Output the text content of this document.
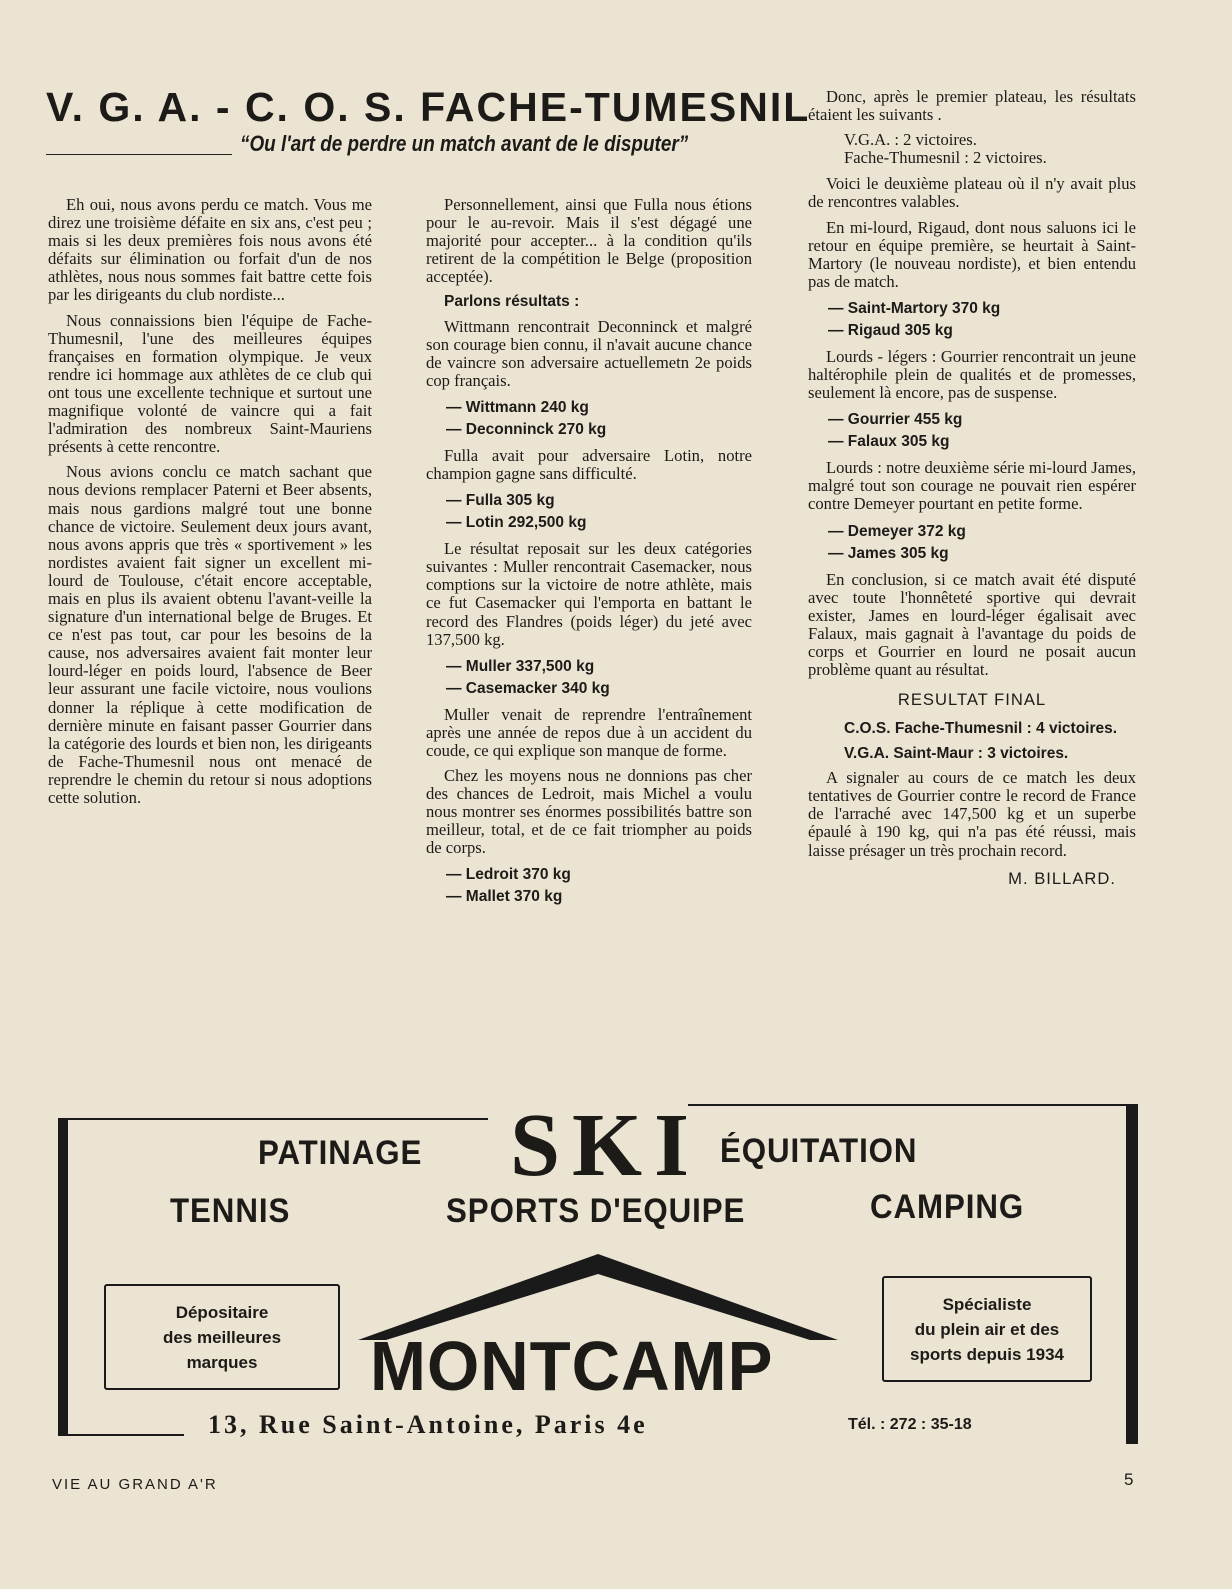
V. G. A. - C. O. S. FACHE-TUMESNIL
“Ou l'art de perdre un match avant de le disputer”

Eh oui, nous avons perdu ce match. Vous me direz une troisième défaite en six ans, c'est peu ; mais si les deux premières fois nous avons été défaits sur élimination ou forfait d'un de nos athlètes, nous nous sommes fait battre cette fois par les dirigeants du club nordiste...

Nous connaissions bien l'équipe de Fache-Thumesnil, l'une des meilleures équipes françaises en formation olympique. Je veux rendre ici hommage aux athlètes de ce club qui ont tous une excellente technique et surtout une magnifique volonté de vaincre qui a fait l'admiration des nombreux Saint-Mauriens présents à cette rencontre.

Nous avions conclu ce match sachant que nous devions remplacer Paterni et Beer absents, mais nous gardions malgré tout une bonne chance de victoire. Seulement deux jours avant, nous avons appris que très « sportivement » les nordistes avaient fait signer un excellent mi-lourd de Toulouse, c'était encore acceptable, mais en plus ils avaient obtenu l'avant-veille la signature d'un international belge de Bruges. Et ce n'est pas tout, car pour les besoins de la cause, nos adversaires avaient fait monter leur lourd-léger en poids lourd, l'absence de Beer leur assurant une facile victoire, nous voulions donner la réplique à cette modification de dernière minute en faisant passer Gourrier dans la catégorie des lourds et bien non, les dirigeants de Fache-Thumesnil nous ont menacé de reprendre le chemin du retour si nous adoptions cette solution.

Personnellement, ainsi que Fulla nous étions pour le au-revoir. Mais il s'est dégagé une majorité pour accepter... à la condition qu'ils retirent de la compétition le Belge (proposition acceptée).

Parlons résultats :

Wittmann rencontrait Deconninck et malgré son courage bien connu, il n'avait aucune chance de vaincre son adversaire actuellemetn 2e poids cop français.

— Wittmann 240 kg

— Deconninck 270 kg

Fulla avait pour adversaire Lotin, notre champion gagne sans difficulté.

— Fulla 305 kg

— Lotin 292,500 kg

Le résultat reposait sur les deux catégories suivantes : Muller rencontrait Casemacker, nous comptions sur la victoire de notre athlète, mais ce fut Casemacker qui l'emporta en battant le record des Flandres (poids léger) du jeté avec 137,500 kg.

— Muller 337,500 kg

— Casemacker 340 kg

Muller venait de reprendre l'entraînement après une année de repos due à un accident du coude, ce qui explique son manque de forme.

Chez les moyens nous ne donnions pas cher des chances de Ledroit, mais Michel a voulu nous montrer ses énormes possibilités battre son meilleur, total, et de ce fait triompher au poids de corps.

— Ledroit 370 kg

— Mallet 370 kg

Donc, après le premier plateau, les résultats étaient les suivants .

V.G.A. : 2 victoires.

Fache-Thumesnil : 2 victoires.

Voici le deuxième plateau où il n'y avait plus de rencontres valables.

En mi-lourd, Rigaud, dont nous saluons ici le retour en équipe première, se heurtait à Saint-Martory (le nouveau nordiste), et bien entendu pas de match.

— Saint-Martory 370 kg

— Rigaud 305 kg

Lourds - légers : Gourrier rencontrait un jeune haltérophile plein de qualités et de promesses, seulement là encore, pas de suspense.

— Gourrier 455 kg

— Falaux 305 kg

Lourds : notre deuxième série mi-lourd James, malgré tout son courage ne pouvait rien espérer contre Demeyer pourtant en petite forme.

— Demeyer 372 kg

— James 305 kg

En conclusion, si ce match avait été disputé avec toute l'honnêteté sportive qui devrait exister, James en lourd-léger égalisait avec Falaux, mais gagnait à l'avantage du poids de corps et Gourrier en lourd ne posait aucun problème quant au résultat.

RESULTAT FINAL

C.O.S. Fache-Thumesnil : 4 victoires.

V.G.A. Saint-Maur : 3 victoires.

A signaler au cours de ce match les deux tentatives de Gourrier contre le record de France de l'arraché avec 147,500 kg et un superbe épaulé à 190 kg, qui n'a pas été réussi, mais laisse présager un très prochain record.

M. BILLARD.

PATINAGE SKI ÉQUITATION
TENNIS	SPORTS D'EQUIPE	CAMPING
Dépositaire
des meilleures
marques	MONTCAMP
Spécialiste
du plein air et des
sports depuis 1934
13, Rue Saint-Antoine, Paris 4e	Tél. : 272 : 35-18
VIE AU GRAND A'R	5
